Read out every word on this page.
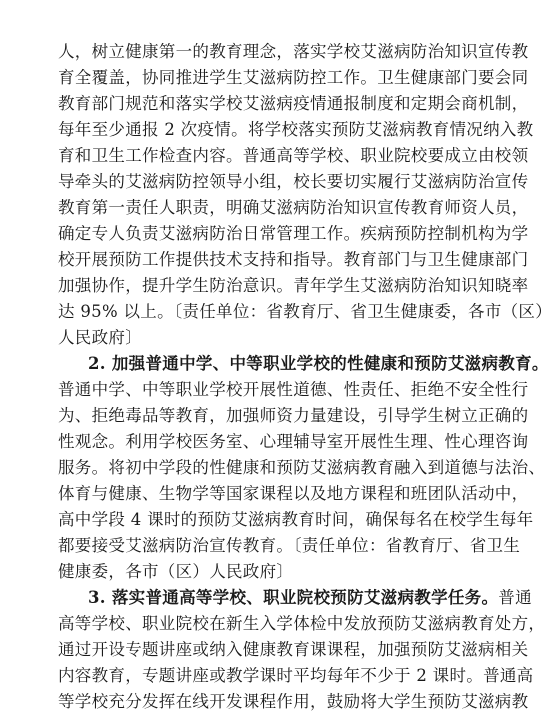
人，树立健康第一的教育理念，落实学校艾滋病防治知识宣传教
育全覆盖，协同推进学生艾滋病防控工作。卫生健康部门要会同
教育部门规范和落实学校艾滋病疫情通报制度和定期会商机制，
每年至少通报 2 次疫情。将学校落实预防艾滋病教育情况纳入教
育和卫生工作检查内容。普通高等学校、职业院校要成立由校领
导牵头的艾滋病防控领导小组，校长要切实履行艾滋病防治宣传
教育第一责任人职责，明确艾滋病防治知识宣传教育师资人员，
确定专人负责艾滋病防治日常管理工作。疾病预防控制机构为学
校开展预防工作提供技术支持和指导。教育部门与卫生健康部门
加强协作，提升学生防治意识。青年学生艾滋病防治知识知晓率
达 95% 以上。〔责任单位：省教育厅、省卫生健康委，各市（区）
人民政府〕
2. 加强普通中学、中等职业学校的性健康和预防艾滋病教育。
普通中学、中等职业学校开展性道德、性责任、拒绝不安全性行
为、拒绝毒品等教育，加强师资力量建设，引导学生树立正确的
性观念。利用学校医务室、心理辅导室开展性生理、性心理咨询
服务。将初中学段的性健康和预防艾滋病教育融入到道德与法治、
体育与健康、生物学等国家课程以及地方课程和班团队活动中，
高中学段 4 课时的预防艾滋病教育时间，确保每名在校学生每年
都要接受艾滋病防治宣传教育。〔责任单位：省教育厅、省卫生
健康委，各市（区）人民政府〕
3. 落实普通高等学校、职业院校预防艾滋病教学任务。普通
高等学校、职业院校在新生入学体检中发放预防艾滋病教育处方，
通过开设专题讲座或纳入健康教育课课程，加强预防艾滋病相关
内容教育，专题讲座或教学课时平均每年不少于 2 课时。普通高
等学校充分发挥在线开发课程作用，鼓励将大学生预防艾滋病教
